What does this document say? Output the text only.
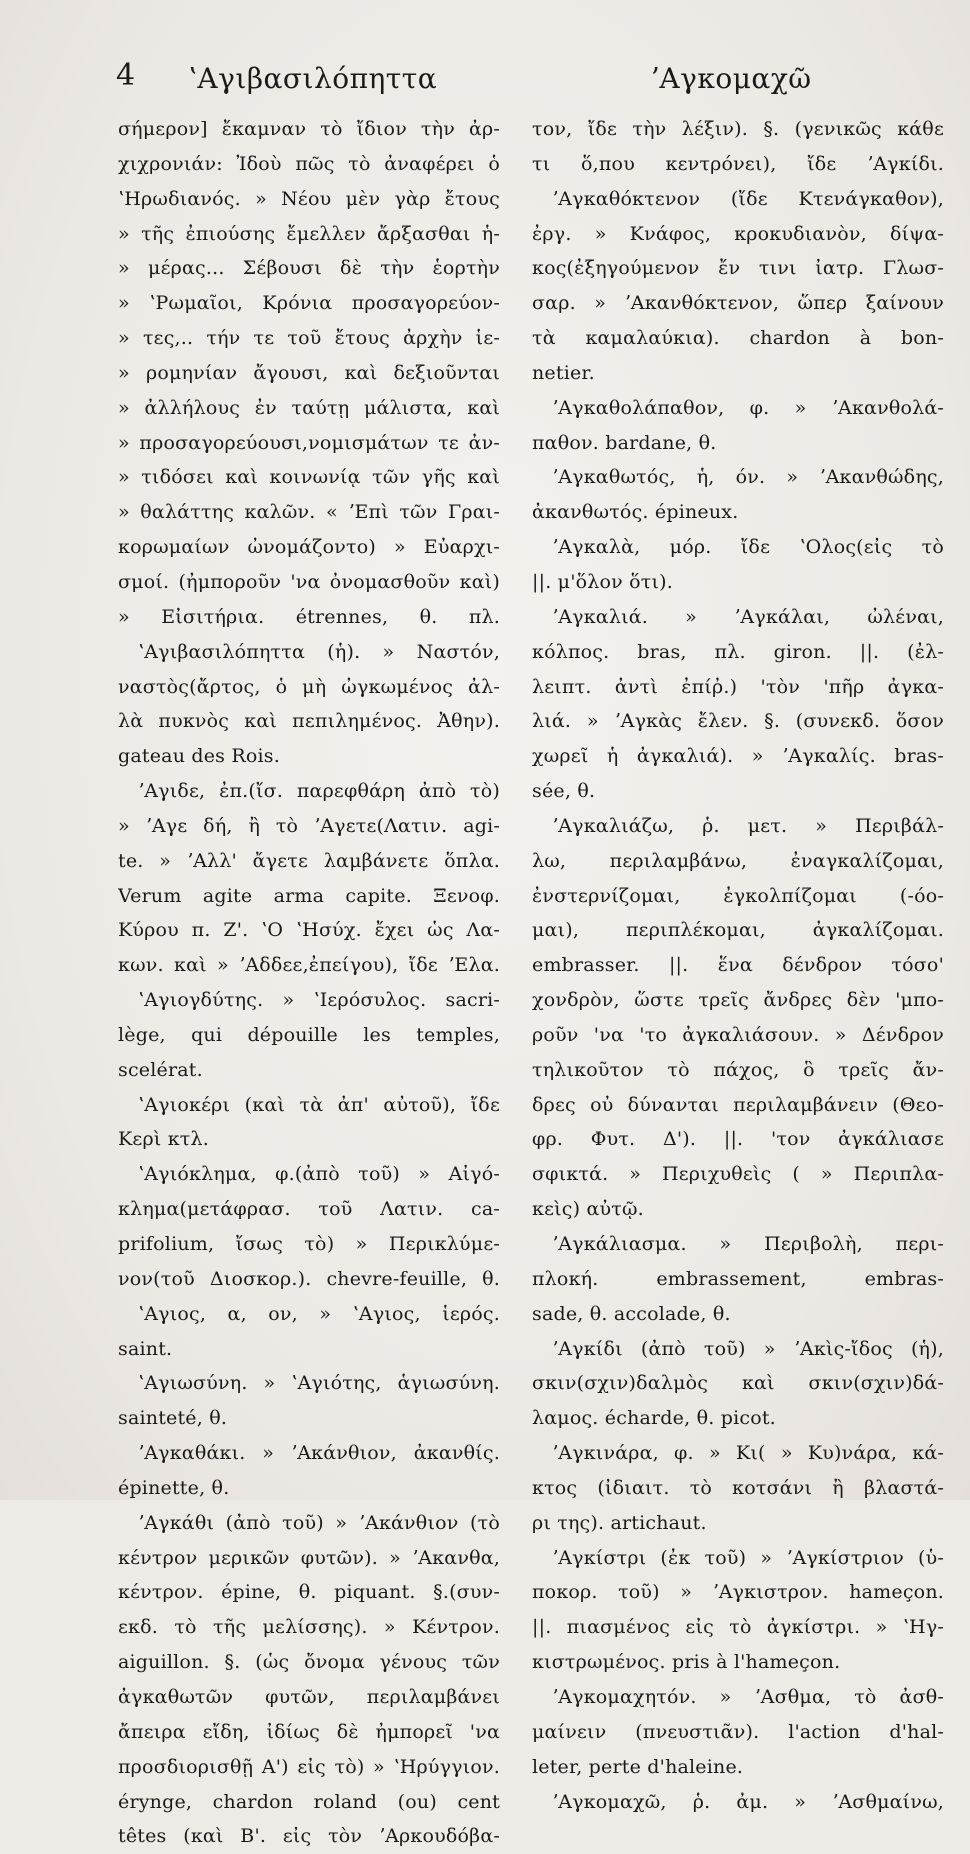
4 ʽΑγιβασιλόπηττα	ʼΑγκομαχῶ
σήμερον] ἔκαμναν τὸ ἴδιον τὴν ἀρ-
χιχρονιάν: Ἰδοὺ πῶς τὸ ἀναφέρει ὁ
ʽΗρωδιανός. » Νέου μὲν γὰρ ἔτους
» τῆς ἐπιούσης ἔμελλεν ἄρξασθαι ἡ-
» μέρας... Σέβουσι δὲ τὴν ἑορτὴν
» ʽΡωμαῖοι, Κρόνια προσαγορεύον-
» τες,.. τήν τε τοῦ ἔτους ἀρχὴν ἱε-
» ρομηνίαν ἄγουσι, καὶ δεξιοῦνται
» ἀλλήλους ἐν ταύτῃ μάλιστα, καὶ
» προσαγορεύουσι,νομισμάτων τε ἀν-
» τιδόσει καὶ κοινωνίᾳ τῶν γῆς καὶ
» θαλάττης καλῶν. « ʼΕπὶ τῶν Γραι-
κορωμαίων ὠνομάζοντο) » Εὐαρχι-
σμοί. (ἠμποροῦν 'να ὀνομασθοῦν καὶ)
» Εἰσιτήρια. étrennes, θ. πλ.
ʽΑγιβασιλόπηττα (ἡ). » Ναστόν,
ναστὸς(ἄρτος, ὁ μὴ ὠγκωμένος ἀλ-
λὰ πυκνὸς καὶ πεπιλημένος. Ἀθην).
gateau des Rois.
ʼΑγιδε, ἐπ.(ἴσ. παρεφθάρη ἀπὸ τὸ)
» ʼΑγε δή, ἢ τὸ ʼΑγετε(Λατιν. agi-
te. » ʼΑλλ' ἄγετε λαμβάνετε ὅπλα.
Verum agite arma capite. Ξενοφ.
Κύρου π. Ζ'. ʽΟ ʽΗσύχ. ἔχει ὡς Λα-
κων. καὶ » ʼΑδδεε,ἐπείγου), ἴδε ʼΕλα.
ʽΑγιογδύτης. » ʽΙερόσυλος. sacri-
lège, qui dépouille les temples,
scelérat.
ʽΑγιοκέρι (καὶ τὰ ἀπ' αὐτοῦ), ἴδε
Κερὶ κτλ.
ʽΑγιόκλημα, φ.(ἀπὸ τοῦ) » Αἰγό-
κλημα(μετάφρασ. τοῦ Λατιν. ca-
prifolium, ἴσως τὸ) » Περικλύμε-
νον(τοῦ Διοσκορ.). chevre-feuille, θ.
ʽΑγιος, α, ον, » ʽΑγιος, ἱερός.
saint.
ʽΑγιωσύνη. » ʽΑγιότης, ἁγιωσύνη.
sainteté, θ.
ʼΑγκαθάκι. » ʼΑκάνθιον, ἀκανθίς.
épinette, θ.
ʼΑγκάθι (ἀπὸ τοῦ) » ʼΑκάνθιον (τὸ
κέντρον μερικῶν φυτῶν). » ʼΑκανθα,
κέντρον. épine, θ. piquant. §.(συν-
εκδ. τὸ τῆς μελίσσης). » Κέντρον.
aiguillon. §. (ὡς ὄνομα γένους τῶν
ἀγκαθωτῶν φυτῶν, περιλαμβάνει
ἄπειρα εἴδη, ἰδίως δὲ ἠμπορεῖ 'να
προσδιορισθῇ Α') εἰς τὸ) » ʽΗρύγγιον.
érynge, chardon roland (ou) cent
têtes (καὶ Β'. εἰς τὸν ʼΑρκουδόβα-
τον, ἴδε τὴν λέξιν). §. (γενικῶς κάθε
τι ὅ,που κεντρόνει), ἴδε ʼΑγκίδι.
ʼΑγκαθόκτενον (ἴδε Κτενάγκαθον),
ἐργ. » Κνάφος, κροκυδιανὸν, δίψα-
κος(ἐξηγούμενον ἔν τινι ἰατρ. Γλωσ-
σαρ. » ʼΑκανθόκτενον, ὥπερ ξαίνουν
τὰ καμαλαύκια). chardon à bon-
netier.
ʼΑγκαθολάπαθον, φ. » ʼΑκανθολά-
παθον. bardane, θ.
ʼΑγκαθωτός, ἡ, όν. » ʼΑκανθώδης,
ἀκανθωτός. épineux.
ʼΑγκαλὰ, μόρ. ἴδε ʽΟλος(εἰς τὸ
||. μ'ὅλον ὅτι).
ʼΑγκαλιά. » ʼΑγκάλαι, ὠλέναι,
κόλπος. bras, πλ. giron. ||. (ἐλ-
λειπτ. ἀντὶ ἐπίῤ.) 'τὸν 'πῆρ ἀγκα-
λιά. » ʼΑγκὰς ἔλεν. §. (συνεκδ. ὅσον
χωρεῖ ἡ ἀγκαλιά). » ʼΑγκαλίς. bras-
sée, θ.
ʼΑγκαλιάζω, ῥ. μετ. » Περιβάλ-
λω, περιλαμβάνω, ἐναγκαλίζομαι,
ἐνστερνίζομαι, ἐγκολπίζομαι (-όο-
μαι), περιπλέκομαι, ἀγκαλίζομαι.
embrasser. ||. ἕνα δένδρον τόσο'
χονδρὸν, ὥστε τρεῖς ἄνδρες δὲν 'μπο-
ροῦν 'να 'το ἀγκαλιάσουν. » Δένδρον
τηλικοῦτον τὸ πάχος, ὃ τρεῖς ἄν-
δρες οὐ δύνανται περιλαμβάνειν (Θεο-
φρ. Φυτ. Δ'). ||. 'τον ἀγκάλιασε
σφικτά. » Περιχυθεὶς ( » Περιπλα-
κεὶς) αὐτῷ.
ʼΑγκάλιασμα. » Περιβολὴ, περι-
πλοκή. embrassement, embras-
sade, θ. accolade, θ.
ʼΑγκίδι (ἀπὸ τοῦ) » ʼΑκὶς-ἴδος (ἡ),
σκιν(σχιν)δαλμὸς καὶ σκιν(σχιν)δά-
λαμος. écharde, θ. picot.
ʼΑγκινάρα, φ. » Κι( » Κυ)νάρα, κά-
κτος (ἰδιαιτ. τὸ κοτσάνι ἢ βλαστά-
ρι της). artichaut.
ʼΑγκίστρι (ἐκ τοῦ) » ʼΑγκίστριον (ὑ-
ποκορ. τοῦ) » ʼΑγκιστρον. hameçon.
||. πιασμένος εἰς τὸ ἀγκίστρι. » ʽΗγ-
κιστρωμένος. pris à l'hameçon.
ʼΑγκομαχητόν. » ʼΑσθμα, τὸ ἀσθ-
μαίνειν (πνευστιᾶν). l'action d'hal-
leter, perte d'haleine.
ʼΑγκομαχῶ, ῥ. ἀμ. » ʼΑσθμαίνω,
